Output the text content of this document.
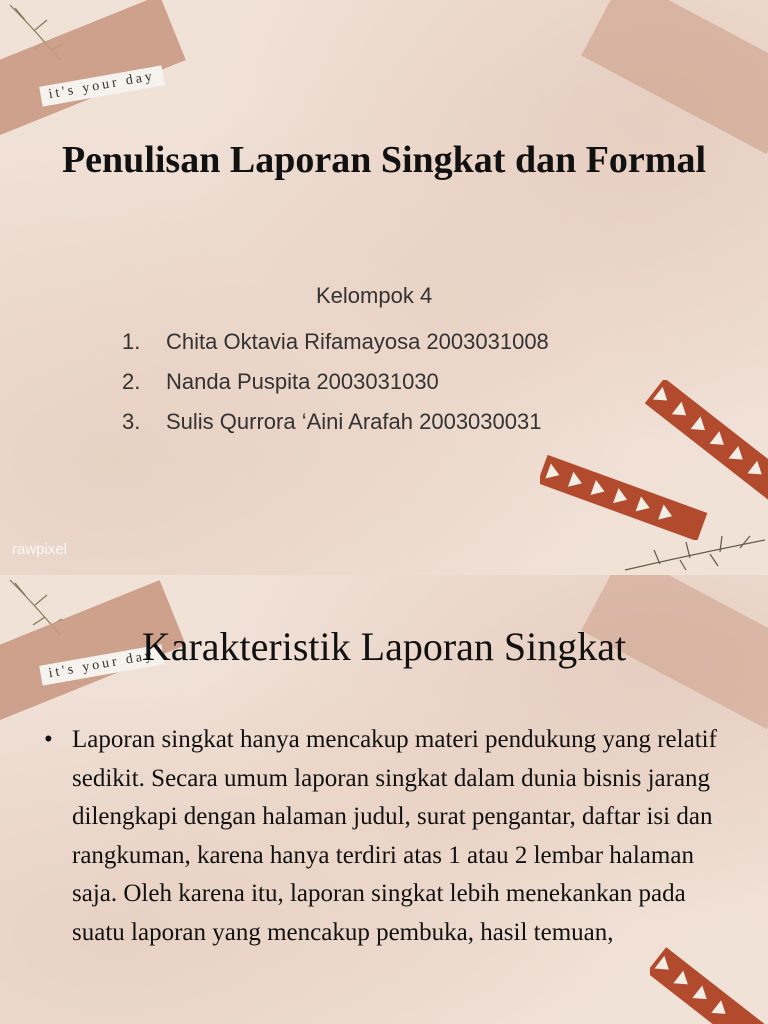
it's your day
Penulisan Laporan Singkat dan Formal
Kelompok 4
1.	Chita Oktavia Rifamayosa 2003031008
2.	Nanda Puspita 2003031030
3.	Sulis Qurrora ‘Aini Arafah 2003030031
rawpixel
it's your day
Karakteristik Laporan Singkat
• Laporan singkat hanya mencakup materi pendukung yang relatif sedikit. Secara umum laporan singkat dalam dunia bisnis jarang dilengkapi dengan halaman judul, surat pengantar, daftar isi dan rangkuman, karena hanya terdiri atas 1 atau 2 lembar halaman saja. Oleh karena itu, laporan singkat lebih menekankan pada suatu laporan yang mencakup pembuka, hasil temuan,
